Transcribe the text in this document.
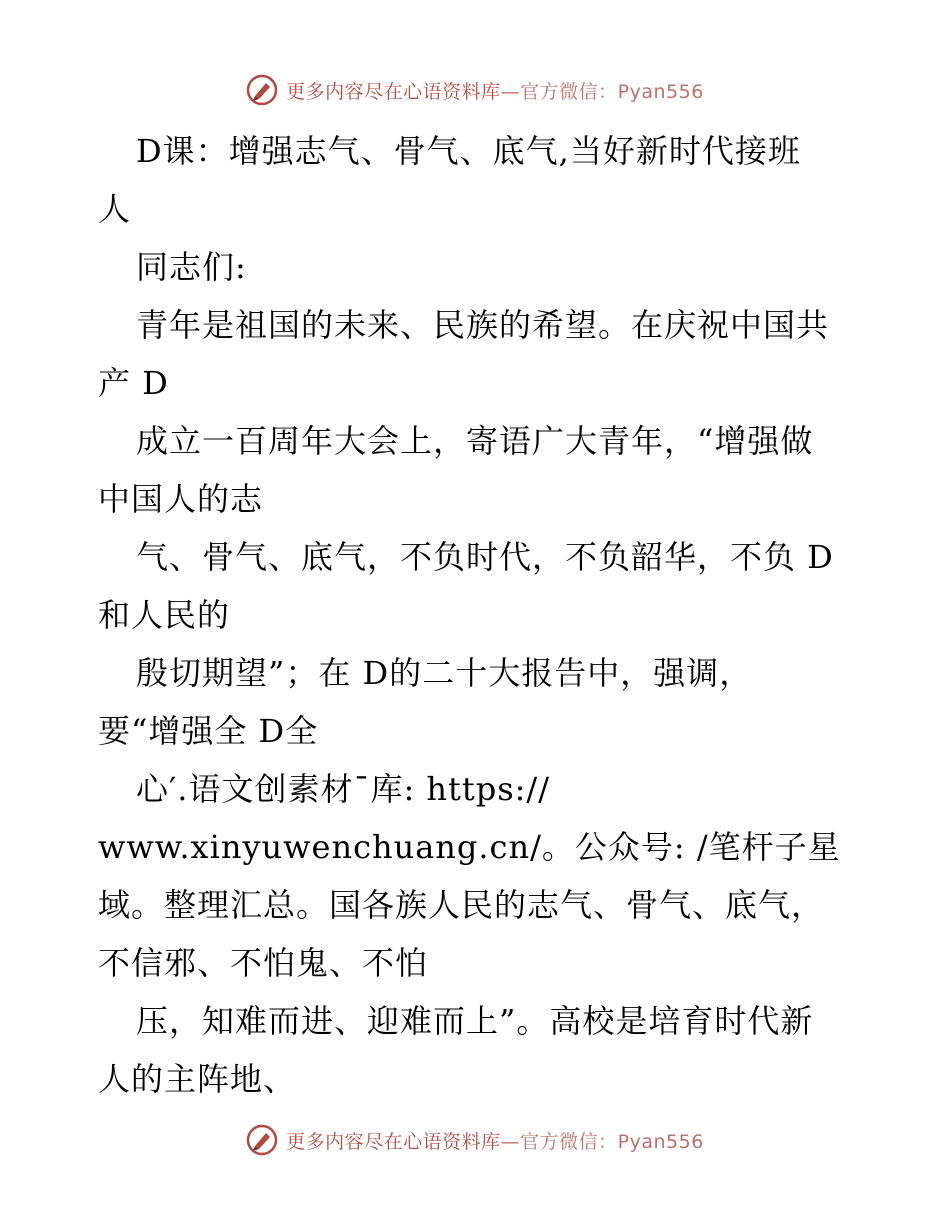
更多内容尽在心语资料库—官方微信：Pyan556
D课：增强志气、骨气、底气,当好新时代接班
人
同志们:
青年是祖国的未来、民族的希望。在庆祝中国共
产 D
成立一百周年大会上，寄语广大青年，“增强做
中国人的志
气、骨气、底气，不负时代，不负韶华，不负 D
和人民的
殷切期望”；在 D的二十大报告中，强调，
要“增强全 D全
心′.语文创素材¯库: https://
www.xinyuwenchuang.cn/。公众号: /笔杆子星
域。整理汇总。国各族人民的志气、骨气、底气，
不信邪、不怕鬼、不怕
压，知难而进、迎难而上”。高校是培育时代新
人的主阵地、
更多内容尽在心语资料库—官方微信：Pyan556
